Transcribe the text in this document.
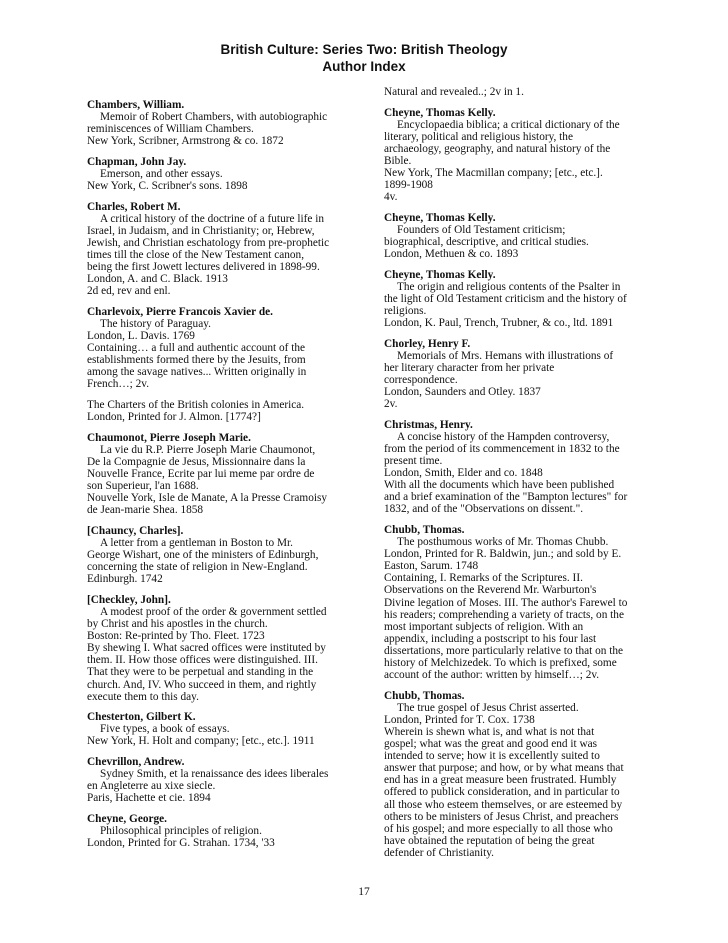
British Culture: Series Two: British Theology
Author Index
Chambers, William.
Memoir of Robert Chambers, with autobiographic
reminiscences of William Chambers.
New York, Scribner, Armstrong & co. 1872
Chapman, John Jay.
Emerson, and other essays.
New York, C. Scribner's sons. 1898
Charles, Robert M.
A critical history of the doctrine of a future life in
Israel, in Judaism, and in Christianity; or, Hebrew,
Jewish, and Christian eschatology from pre-prophetic
times till the close of the New Testament canon,
being the first Jowett lectures delivered in 1898-99.
London, A. and C. Black. 1913
2d ed, rev and enl.
Charlevoix, Pierre Francois Xavier de.
The history of Paraguay.
London, L. Davis. 1769
Containing… a full and authentic account of the
establishments formed there by the Jesuits, from
among the savage natives... Written originally in
French…; 2v.
The Charters of the British colonies in America.
London, Printed for J. Almon. [1774?]
Chaumonot, Pierre Joseph Marie.
La vie du R.P. Pierre Joseph Marie Chaumonot,
De la Compagnie de Jesus, Missionnaire dans la
Nouvelle France, Ecrite par lui meme par ordre de
son Superieur, l'an 1688.
Nouvelle York, Isle de Manate, A la Presse Cramoisy
de Jean-marie Shea. 1858
[Chauncy, Charles].
A letter from a gentleman in Boston to Mr.
George Wishart, one of the ministers of Edinburgh,
concerning the state of religion in New-England.
Edinburgh. 1742
[Checkley, John].
A modest proof of the order & government settled
by Christ and his apostles in the church.
Boston: Re-printed by Tho. Fleet. 1723
By shewing I. What sacred offices were instituted by
them. II. How those offices were distinguished. III.
That they were to be perpetual and standing in the
church. And, IV. Who succeed in them, and rightly
execute them to this day.
Chesterton, Gilbert K.
Five types, a book of essays.
New York, H. Holt and company; [etc., etc.]. 1911
Chevrillon, Andrew.
Sydney Smith, et la renaissance des idees liberales
en Angleterre au xixe siecle.
Paris, Hachette et cie. 1894
Cheyne, George.
Philosophical principles of religion.
London, Printed for G. Strahan. 1734, '33
Natural and revealed..; 2v in 1.
Cheyne, Thomas Kelly.
Encyclopaedia biblica; a critical dictionary of the
literary, political and religious history, the
archaeology, geography, and natural history of the
Bible.
New York, The Macmillan company; [etc., etc.].
1899-1908
4v.
Cheyne, Thomas Kelly.
Founders of Old Testament criticism;
biographical, descriptive, and critical studies.
London, Methuen & co. 1893
Cheyne, Thomas Kelly.
The origin and religious contents of the Psalter in
the light of Old Testament criticism and the history of
religions.
London, K. Paul, Trench, Trubner, & co., ltd. 1891
Chorley, Henry F.
Memorials of Mrs. Hemans with illustrations of
her literary character from her private
correspondence.
London, Saunders and Otley. 1837
2v.
Christmas, Henry.
A concise history of the Hampden controversy,
from the period of its commencement in 1832 to the
present time.
London, Smith, Elder and co. 1848
With all the documents which have been published
and a brief examination of the "Bampton lectures" for
1832, and of the "Observations on dissent.".
Chubb, Thomas.
The posthumous works of Mr. Thomas Chubb.
London, Printed for R. Baldwin, jun.; and sold by E.
Easton, Sarum. 1748
Containing, I. Remarks of the Scriptures. II.
Observations on the Reverend Mr. Warburton's
Divine legation of Moses. III. The author's Farewel to
his readers; comprehending a variety of tracts, on the
most important subjects of religion. With an
appendix, including a postscript to his four last
dissertations, more particularly relative to that on the
history of Melchizedek. To which is prefixed, some
account of the author: written by himself…; 2v.
Chubb, Thomas.
The true gospel of Jesus Christ asserted.
London, Printed for T. Cox. 1738
Wherein is shewn what is, and what is not that
gospel; what was the great and good end it was
intended to serve; how it is excellently suited to
answer that purpose; and how, or by what means that
end has in a great measure been frustrated. Humbly
offered to publick consideration, and in particular to
all those who esteem themselves, or are esteemed by
others to be ministers of Jesus Christ, and preachers
of his gospel; and more especially to all those who
have obtained the reputation of being the great
defender of Christianity.
17
